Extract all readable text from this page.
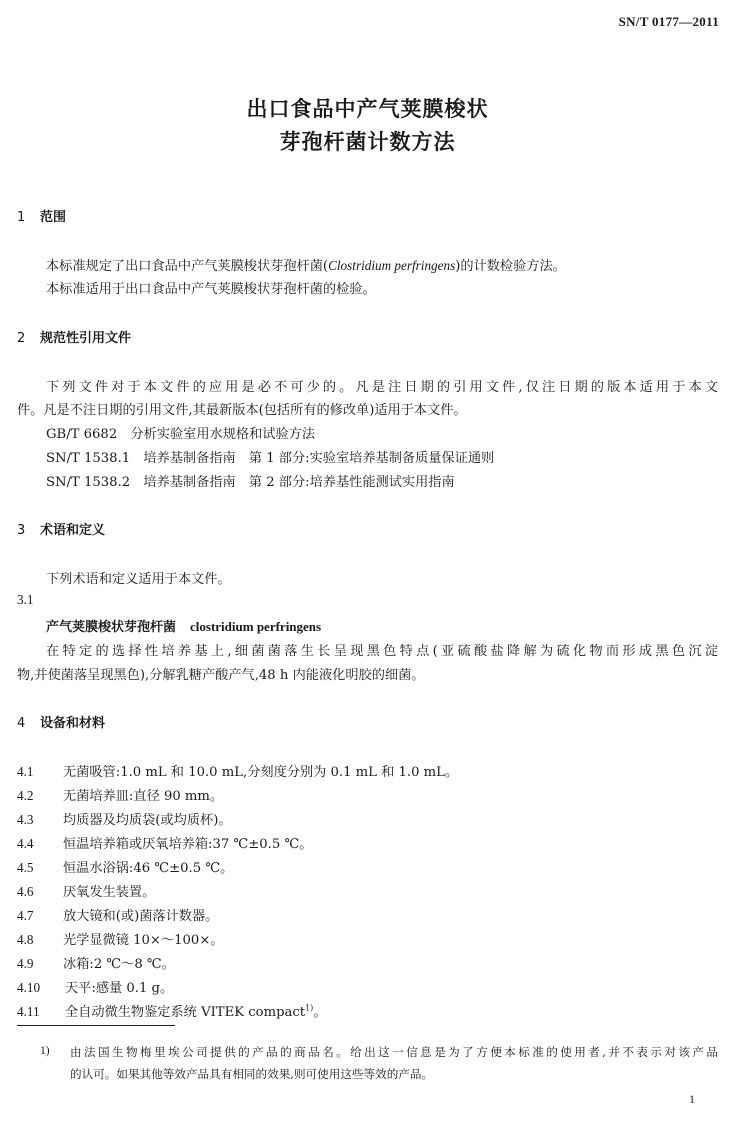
SN/T 0177—2011
出口食品中产气荚膜梭状
芽孢杆菌计数方法
1 范围
本标准规定了出口食品中产气荚膜梭状芽孢杆菌(Clostridium perfringens)的计数检验方法。
本标准适用于出口食品中产气荚膜梭状芽孢杆菌的检验。
2 规范性引用文件
下列文件对于本文件的应用是必不可少的。凡是注日期的引用文件,仅注日期的版本适用于本文
件。凡是不注日期的引用文件,其最新版本(包括所有的修改单)适用于本文件。
GB/T 6682　分析实验室用水规格和试验方法
SN/T 1538.1　培养基制备指南　第 1 部分:实验室培养基制备质量保证通则
SN/T 1538.2　培养基制备指南　第 2 部分:培养基性能测试实用指南
3 术语和定义
下列术语和定义适用于本文件。
3.1
产气荚膜梭状芽孢杆菌 clostridium perfringens
在特定的选择性培养基上,细菌菌落生长呈现黑色特点(亚硫酸盐降解为硫化物而形成黑色沉淀
物,并使菌落呈现黑色),分解乳糖产酸产气,48 h 内能液化明胶的细菌。
4 设备和材料
4.1 无菌吸管:1.0 mL 和 10.0 mL,分刻度分别为 0.1 mL 和 1.0 mL。
4.2 无菌培养皿:直径 90 mm。
4.3 均质器及均质袋(或均质杯)。
4.4 恒温培养箱或厌氧培养箱:37 ℃±0.5 ℃。
4.5 恒温水浴锅:46 ℃±0.5 ℃。
4.6 厌氧发生装置。
4.7 放大镜和(或)菌落计数器。
4.8 光学显微镜 10×～100×。
4.9 冰箱:2 ℃～8 ℃。
4.10 天平:感量 0.1 g。
4.11 全自动微生物鉴定系统 VITEK compact$^{1)}$。
1) 由法国生物梅里埃公司提供的产品的商品名。给出这一信息是为了方便本标准的使用者,并不表示对该产品
的认可。如果其他等效产品具有相同的效果,则可使用这些等效的产品。
1
